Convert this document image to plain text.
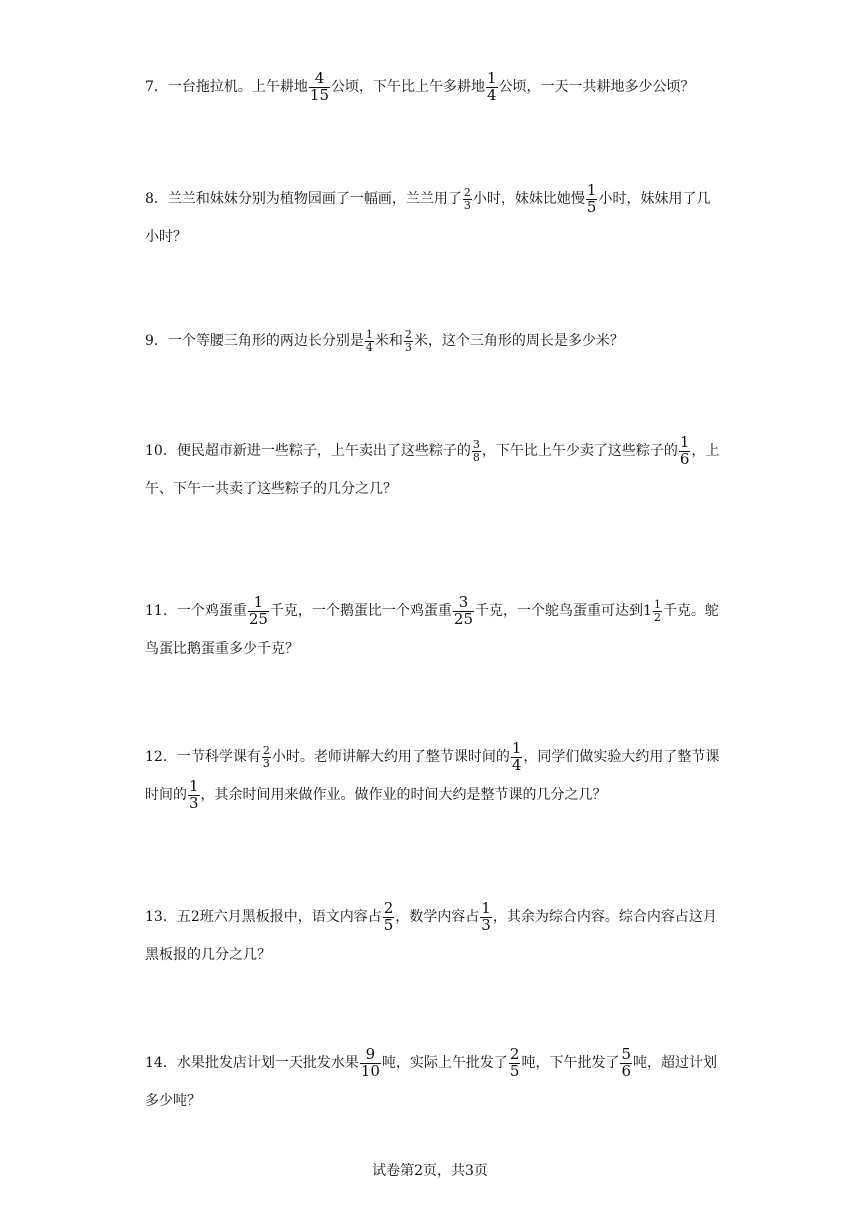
7．一台拖拉机。上午耕地 $\frac{4}{15}$ 公顷，下午比上午多耕地 $\frac{1}{4}$ 公顷，一天一共耕地多少公顷？
8．兰兰和妹妹分别为植物园画了一幅画，兰兰用了 $\frac{2}{3}$ 小时，妹妹比她慢 $\frac{1}{5}$ 小时，妹妹用了几小时？
9．一个等腰三角形的两边长分别是 $\frac{1}{4}$ 米和 $\frac{2}{3}$ 米，这个三角形的周长是多少米？
10．便民超市新进一些粽子，上午卖出了这些粽子的 $\frac{3}{8}$ ，下午比上午少卖了这些粽子的 $\frac{1}{6}$ ，上午、下午一共卖了这些粽子的几分之几？
11．一个鸡蛋重 $\frac{1}{25}$ 千克，一个鹅蛋比一个鸡蛋重 $\frac{3}{25}$ 千克，一个鸵鸟蛋重可达到$1 \frac{1}{2}$ 千克。鸵鸟蛋比鹅蛋重多少千克？
12．一节科学课有 $\frac{2}{3}$ 小时。老师讲解大约用了整节课时间的 $\frac{1}{4}$ ，同学们做实验大约用了整节课时间的 $\frac{1}{3}$ ，其余时间用来做作业。做作业的时间大约是整节课的几分之几？
13．五2班六月黑板报中，语文内容占 $\frac{2}{5}$ ，数学内容占 $\frac{1}{3}$ ，其余为综合内容。综合内容占这月黑板报的几分之几？
14．水果批发店计划一天批发水果 $\frac{9}{10}$ 吨，实际上午批发了 $\frac{2}{5}$ 吨，下午批发了 $\frac{5}{6}$ 吨，超过计划多少吨？
试卷第2页，共3页
